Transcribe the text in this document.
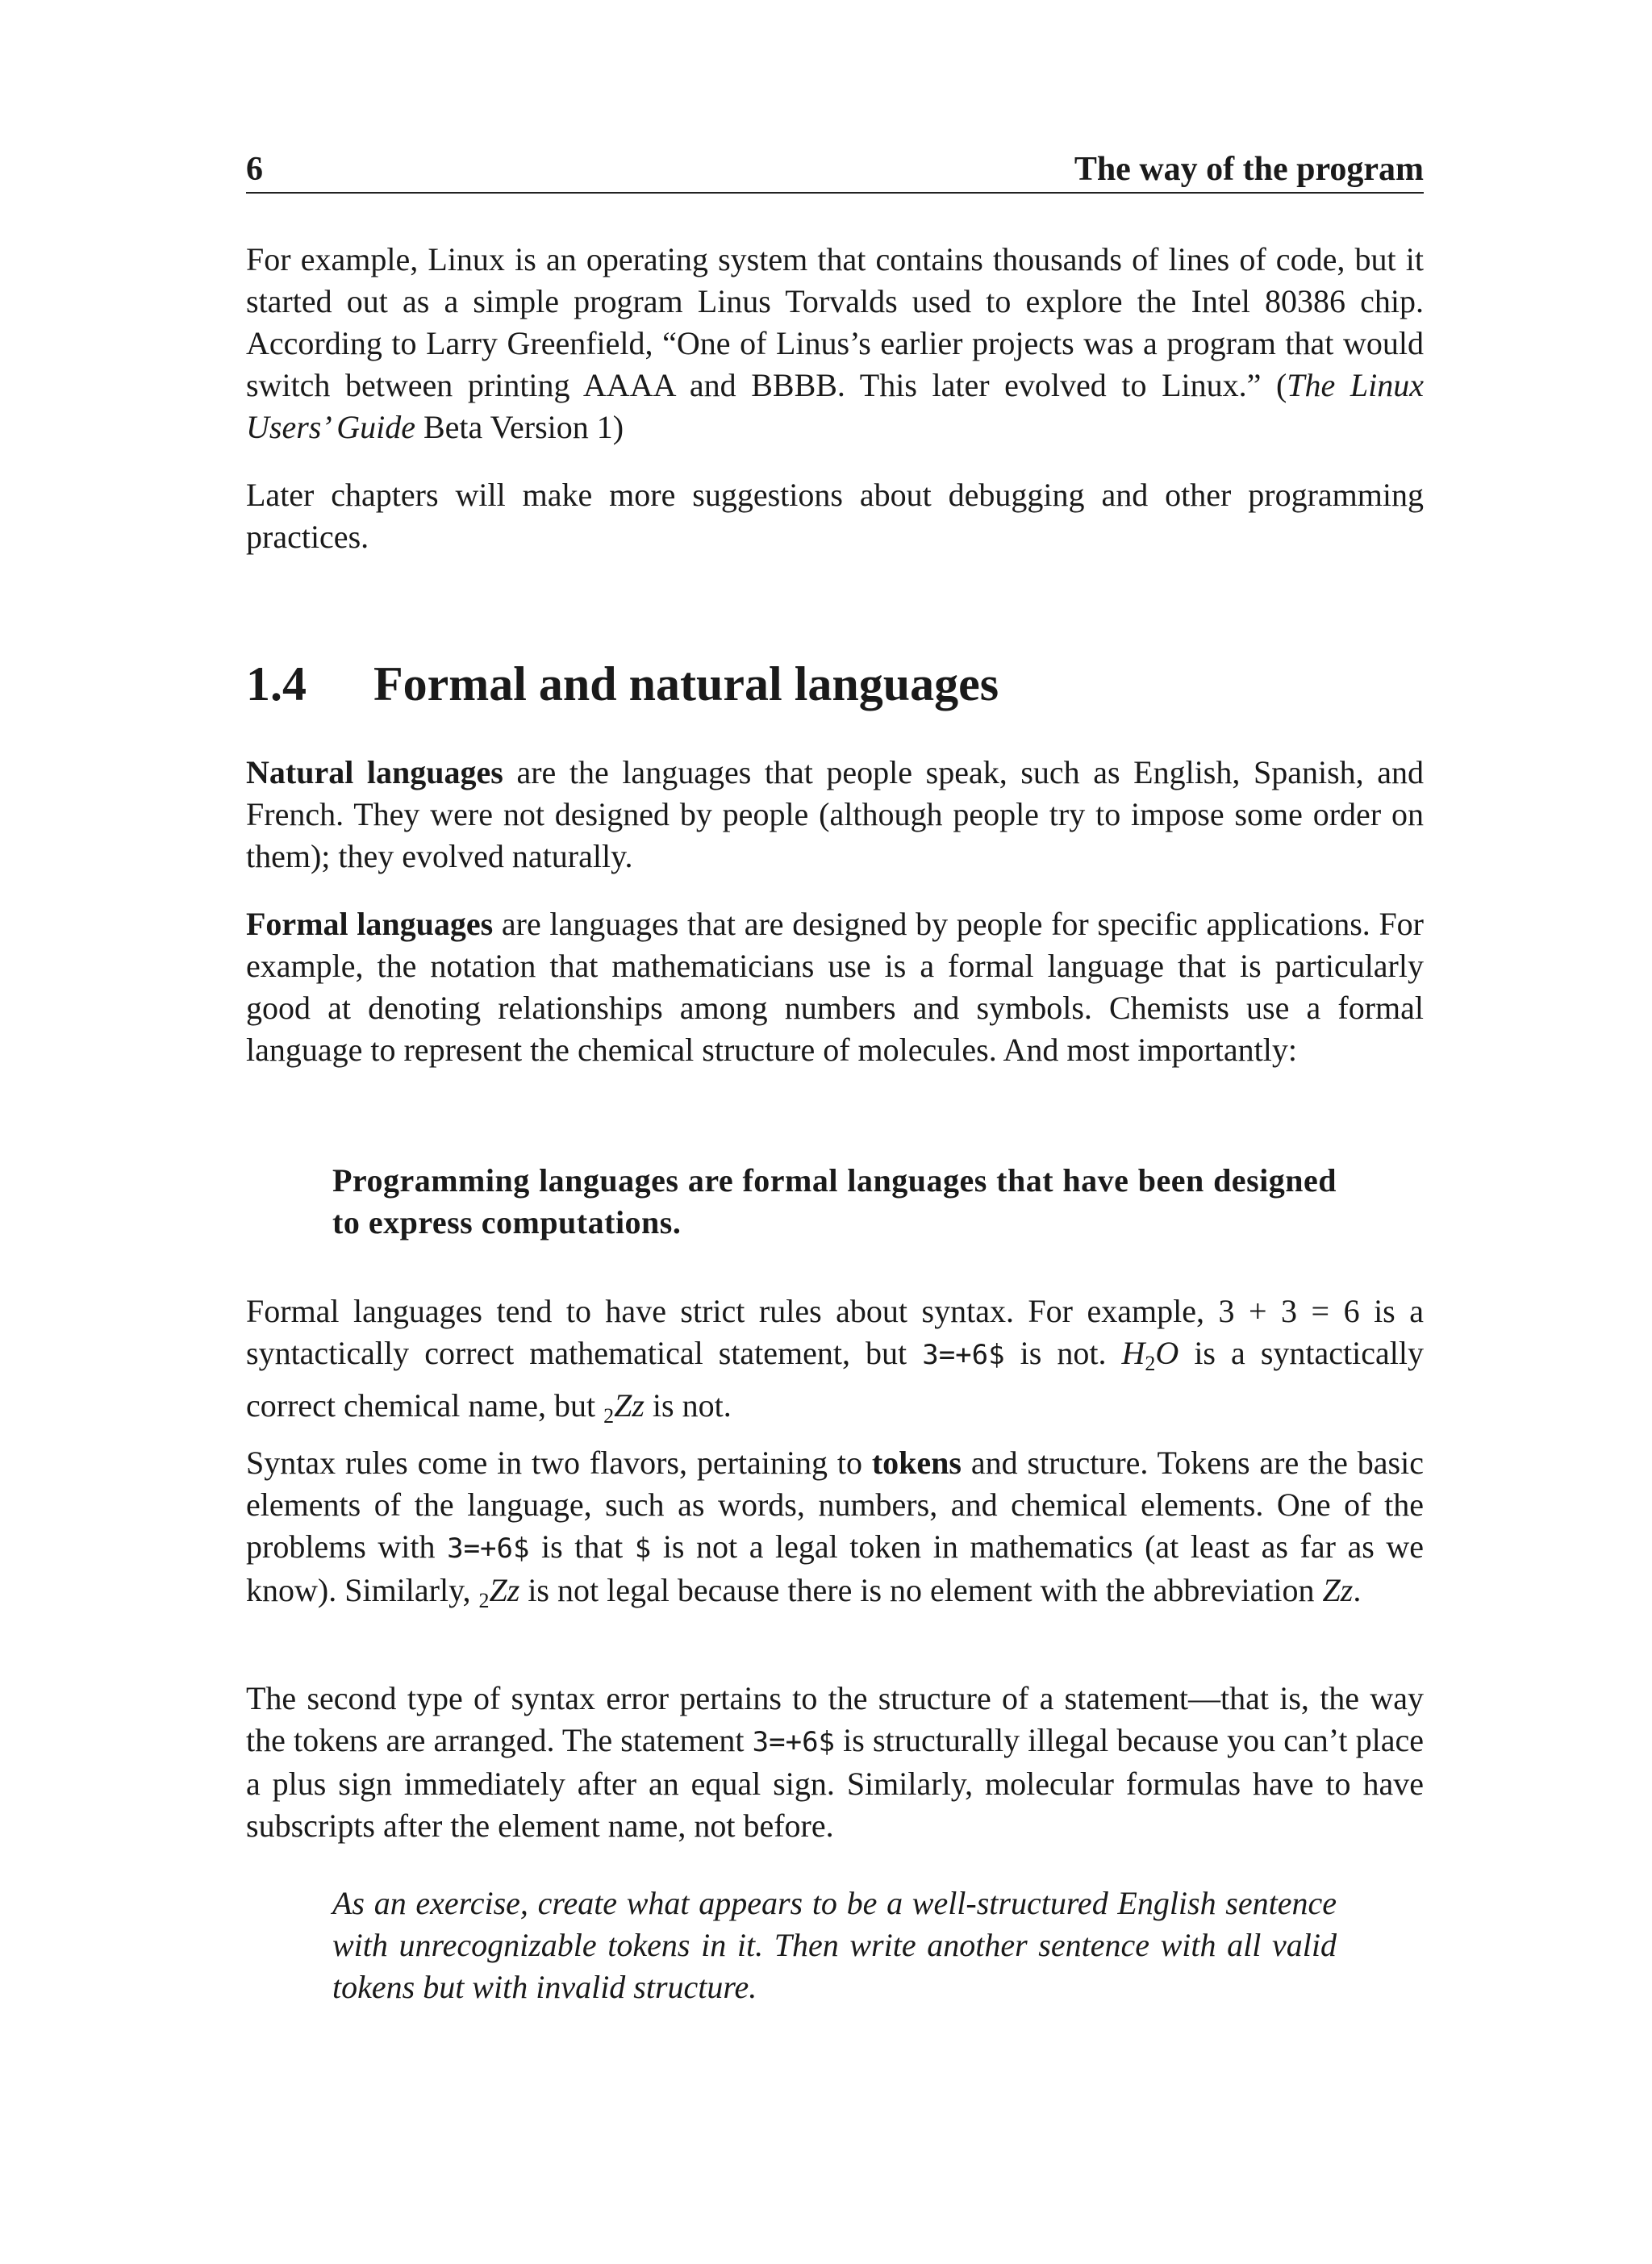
6	The way of the program

For example, Linux is an operating system that contains thousands of lines of code, but it started out as a simple program Linus Torvalds used to explore the Intel 80386 chip. According to Larry Greenfield, “One of Linus’s earlier projects was a program that would switch between printing AAAA and BBBB. This later evolved to Linux.” (The Linux Users’ Guide Beta Version 1)

Later chapters will make more suggestions about debugging and other programming practices.

1.4 Formal and natural languages

Natural languages are the languages that people speak, such as English, Spanish, and French. They were not designed by people (although people try to impose some order on them); they evolved naturally.

Formal languages are languages that are designed by people for specific applications. For example, the notation that mathematicians use is a formal language that is particularly good at denoting relationships among numbers and symbols. Chemists use a formal language to represent the chemical structure of molecules. And most importantly:

Programming languages are formal languages that have been designed to express computations.

Formal languages tend to have strict rules about syntax. For example, 3 + 3 = 6 is a syntactically correct mathematical statement, but 3=+6$ is not. $H_2O$ is a syntactically correct chemical name, but $_2$Zz is not.

Syntax rules come in two flavors, pertaining to tokens and structure. Tokens are the basic elements of the language, such as words, numbers, and chemical elements. One of the problems with 3=+6$ is that $ is not a legal token in mathematics (at least as far as we know). Similarly, $_2$Zz is not legal because there is no element with the abbreviation Zz.

The second type of syntax error pertains to the structure of a statement—that is, the way the tokens are arranged. The statement 3=+6$ is structurally illegal because you can’t place a plus sign immediately after an equal sign. Similarly, molecular formulas have to have subscripts after the element name, not before.

As an exercise, create what appears to be a well-structured English sentence with unrecognizable tokens in it. Then write another sentence with all valid tokens but with invalid structure.
